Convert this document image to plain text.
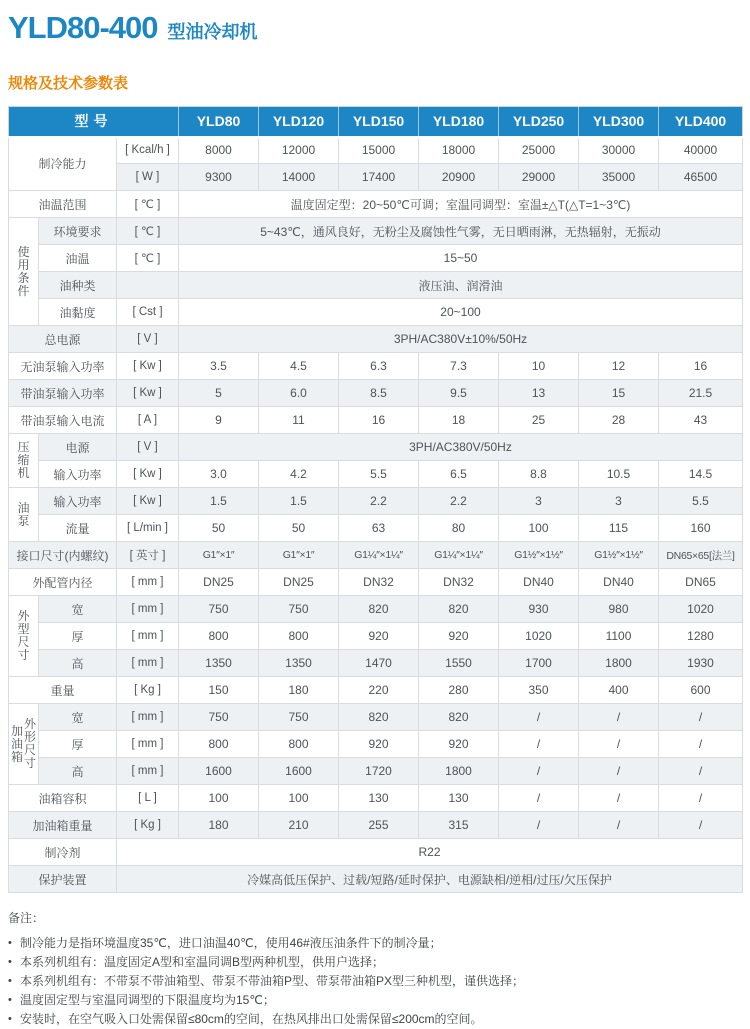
YLD80-400 型油冷却机
规格及技术参数表
型号			YLD80	YLD120	YLD150	YLD180	YLD250	YLD300	YLD400
制冷能力		[ Kcal/h ]	8000	12000	15000	18000	25000	30000	40000
		[ W ]	9300	14000	17400	20900	29000	35000	46500
油温范围		[ ℃ ]	温度固定型：20~50℃可调；室温同调型：室温±△T(△T=1~3℃)						

使
用
条
件	环境要求	[ ℃ ]	5~43℃，通风良好，无粉尘及腐蚀性气雾，无日晒雨淋，无热辐射，无振动						
	油温	[ ℃ ]	15~50						
	油种类		液压油、润滑油						
	油黏度	[ Cst ]	20~100						
总电源		[ V ]	3PH/AC380V±10%/50Hz						
无油泵输入功率		[ Kw ]	3.5	4.5	6.3	7.3	10	12	16
带油泵输入功率		[ Kw ]	5	6.0	8.5	9.5	13	15	21.5
带油泵输入电流		[ A ]	9	11	16	18	25	28	43

压
缩
机	电源	[ V ]	3PH/AC380V/50Hz						
	输入功率	[ Kw ]	3.0	4.2	5.5	6.5	8.8	10.5	14.5

油
泵	输入功率	[ Kw ]	1.5	1.5	2.2	2.2	3	3	5.5
	流量	[ L/min ]	50	50	63	80	100	115	160
接口尺寸(内螺纹)		[ 英寸 ]	G1″×1″	G1″×1″	G1¼″×1¼″	G1¼″×1¼″	G1½″×1½″	G1½″×1½″	DN65×65[法兰]
外配管内径		[ mm ]	DN25	DN25	DN32	DN32	DN40	DN40	DN65

外
型
尺
寸	宽	[ mm ]	750	750	820	820	930	980	1020
	厚	[ mm ]	800	800	920	920	1020	1100	1280
	高	[ mm ]	1350	1350	1470	1550	1700	1800	1930
重量		[ Kg ]	150	180	220	280	350	400	600

加
油
箱
外
形
尺
寸
	宽	[ mm ]	750	750	820	820	/	/	/
	厚	[ mm ]	800	800	920	920	/	/	/
	高	[ mm ]	1600	1600	1720	1800	/	/	/
油箱容积		[ L ]	100	100	130	130	/	/	/
加油箱重量		[ Kg ]	180	210	255	315	/	/	/
制冷剂		R22							
保护装置		冷媒高低压保护、过载/短路/延时保护、电源缺相/逆相/过压/欠压保护							
备注：
• 制冷能力是指环境温度35℃，进口油温40℃，使用46#液压油条件下的制冷量；
• 本系列机组有：温度固定A型和室温同调B型两种机型，供用户选择；
• 本系列机组有：不带泵不带油箱型、带泵不带油箱P型、带泵带油箱PX型三种机型，谨供选择；
• 温度固定型与室温同调型的下限温度均为15℃；
• 安装时，在空气吸入口处需保留≤80cm的空间，在热风排出口处需保留≤200cm的空间。
